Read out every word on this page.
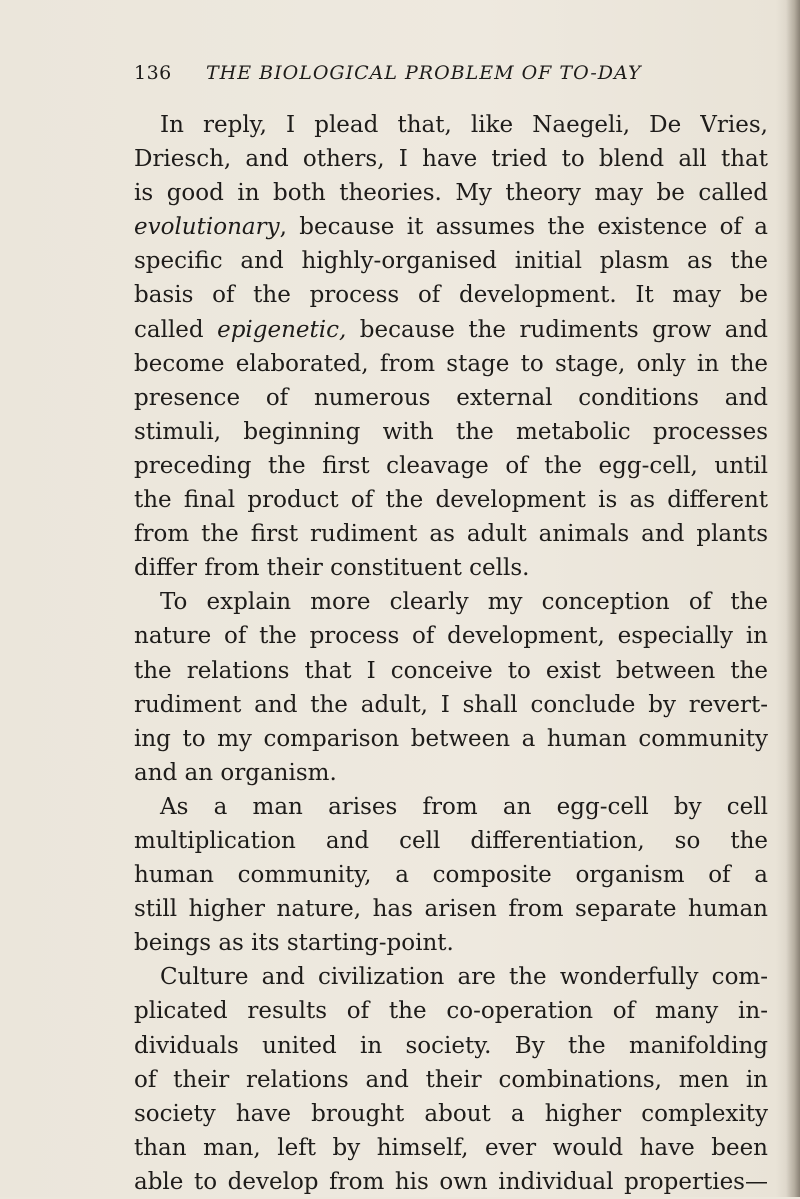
136 THE BIOLOGICAL PROBLEM OF TO-DAY
In reply, I plead that, like Naegeli, De Vries,
Driesch, and others, I have tried to blend all that
is good in both theories. My theory may be called
evolutionary, because it assumes the existence of a
specific and highly-organised initial plasm as the
basis of the process of development. It may be
called epigenetic, because the rudiments grow and
become elaborated, from stage to stage, only in the
presence of numerous external conditions and
stimuli, beginning with the metabolic processes
preceding the first cleavage of the egg-cell, until
the final product of the development is as different
from the first rudiment as adult animals and plants
differ from their constituent cells.
To explain more clearly my conception of the
nature of the process of development, especially in
the relations that I conceive to exist between the
rudiment and the adult, I shall conclude by revert-
ing to my comparison between a human community
and an organism.
As a man arises from an egg-cell by cell
multiplication and cell differentiation, so the
human community, a composite organism of a
still higher nature, has arisen from separate human
beings as its starting-point.
Culture and civilization are the wonderfully com-
plicated results of the co-operation of many in-
dividuals united in society. By the manifolding
of their relations and their combinations, men in
society have brought about a higher complexity
than man, left by himself, ever would have been
able to develop from his own individual properties—
